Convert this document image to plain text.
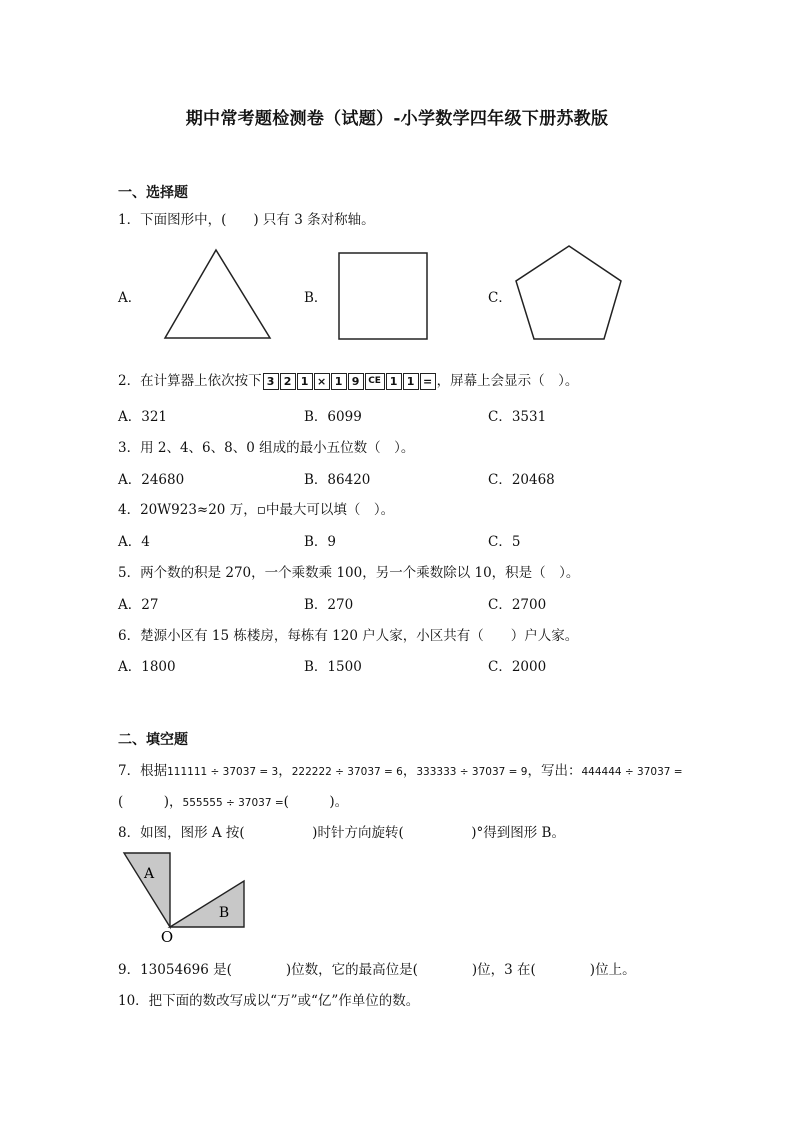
期中常考题检测卷（试题）-小学数学四年级下册苏教版
一、选择题
1．下面图形中，(　　) 只有 3 条对称轴。
A．	B．	C．
2．在计算器上依次按下 3 2 1 × 1 9 CE 1 1 = ，屏幕上会显示（　）。
A．321	B．6099	C．3531
3．用 2、4、6、8、0 组成的最小五位数（　）。
A．24680	B．86420	C．20468
4．20W923≈20 万，▫中最大可以填（　）。
A．4	B．9	C．5
5．两个数的积是 270，一个乘数乘 100，另一个乘数除以 10，积是（　）。
A．27	B．270	C．2700
6．楚源小区有 15 栋楼房，每栋有 120 户人家，小区共有（　　）户人家。
A．1800	B．1500	C．2000
二、填空题
7．根据111111 ÷ 37037 = 3，222222 ÷ 37037 = 6，333333 ÷ 37037 = 9，写出：444444 ÷ 37037 =
(　　　)，555555 ÷ 37037 =(　　　)。
8．如图，图形 A 按(　　　　　)时针方向旋转(　　　　　)°得到图形 B。
A
B
O
9．13054696 是(　　　　)位数，它的最高位是(　　　　)位，3 在(　　　　)位上。
10．把下面的数改写成以“万”或“亿”作单位的数。
